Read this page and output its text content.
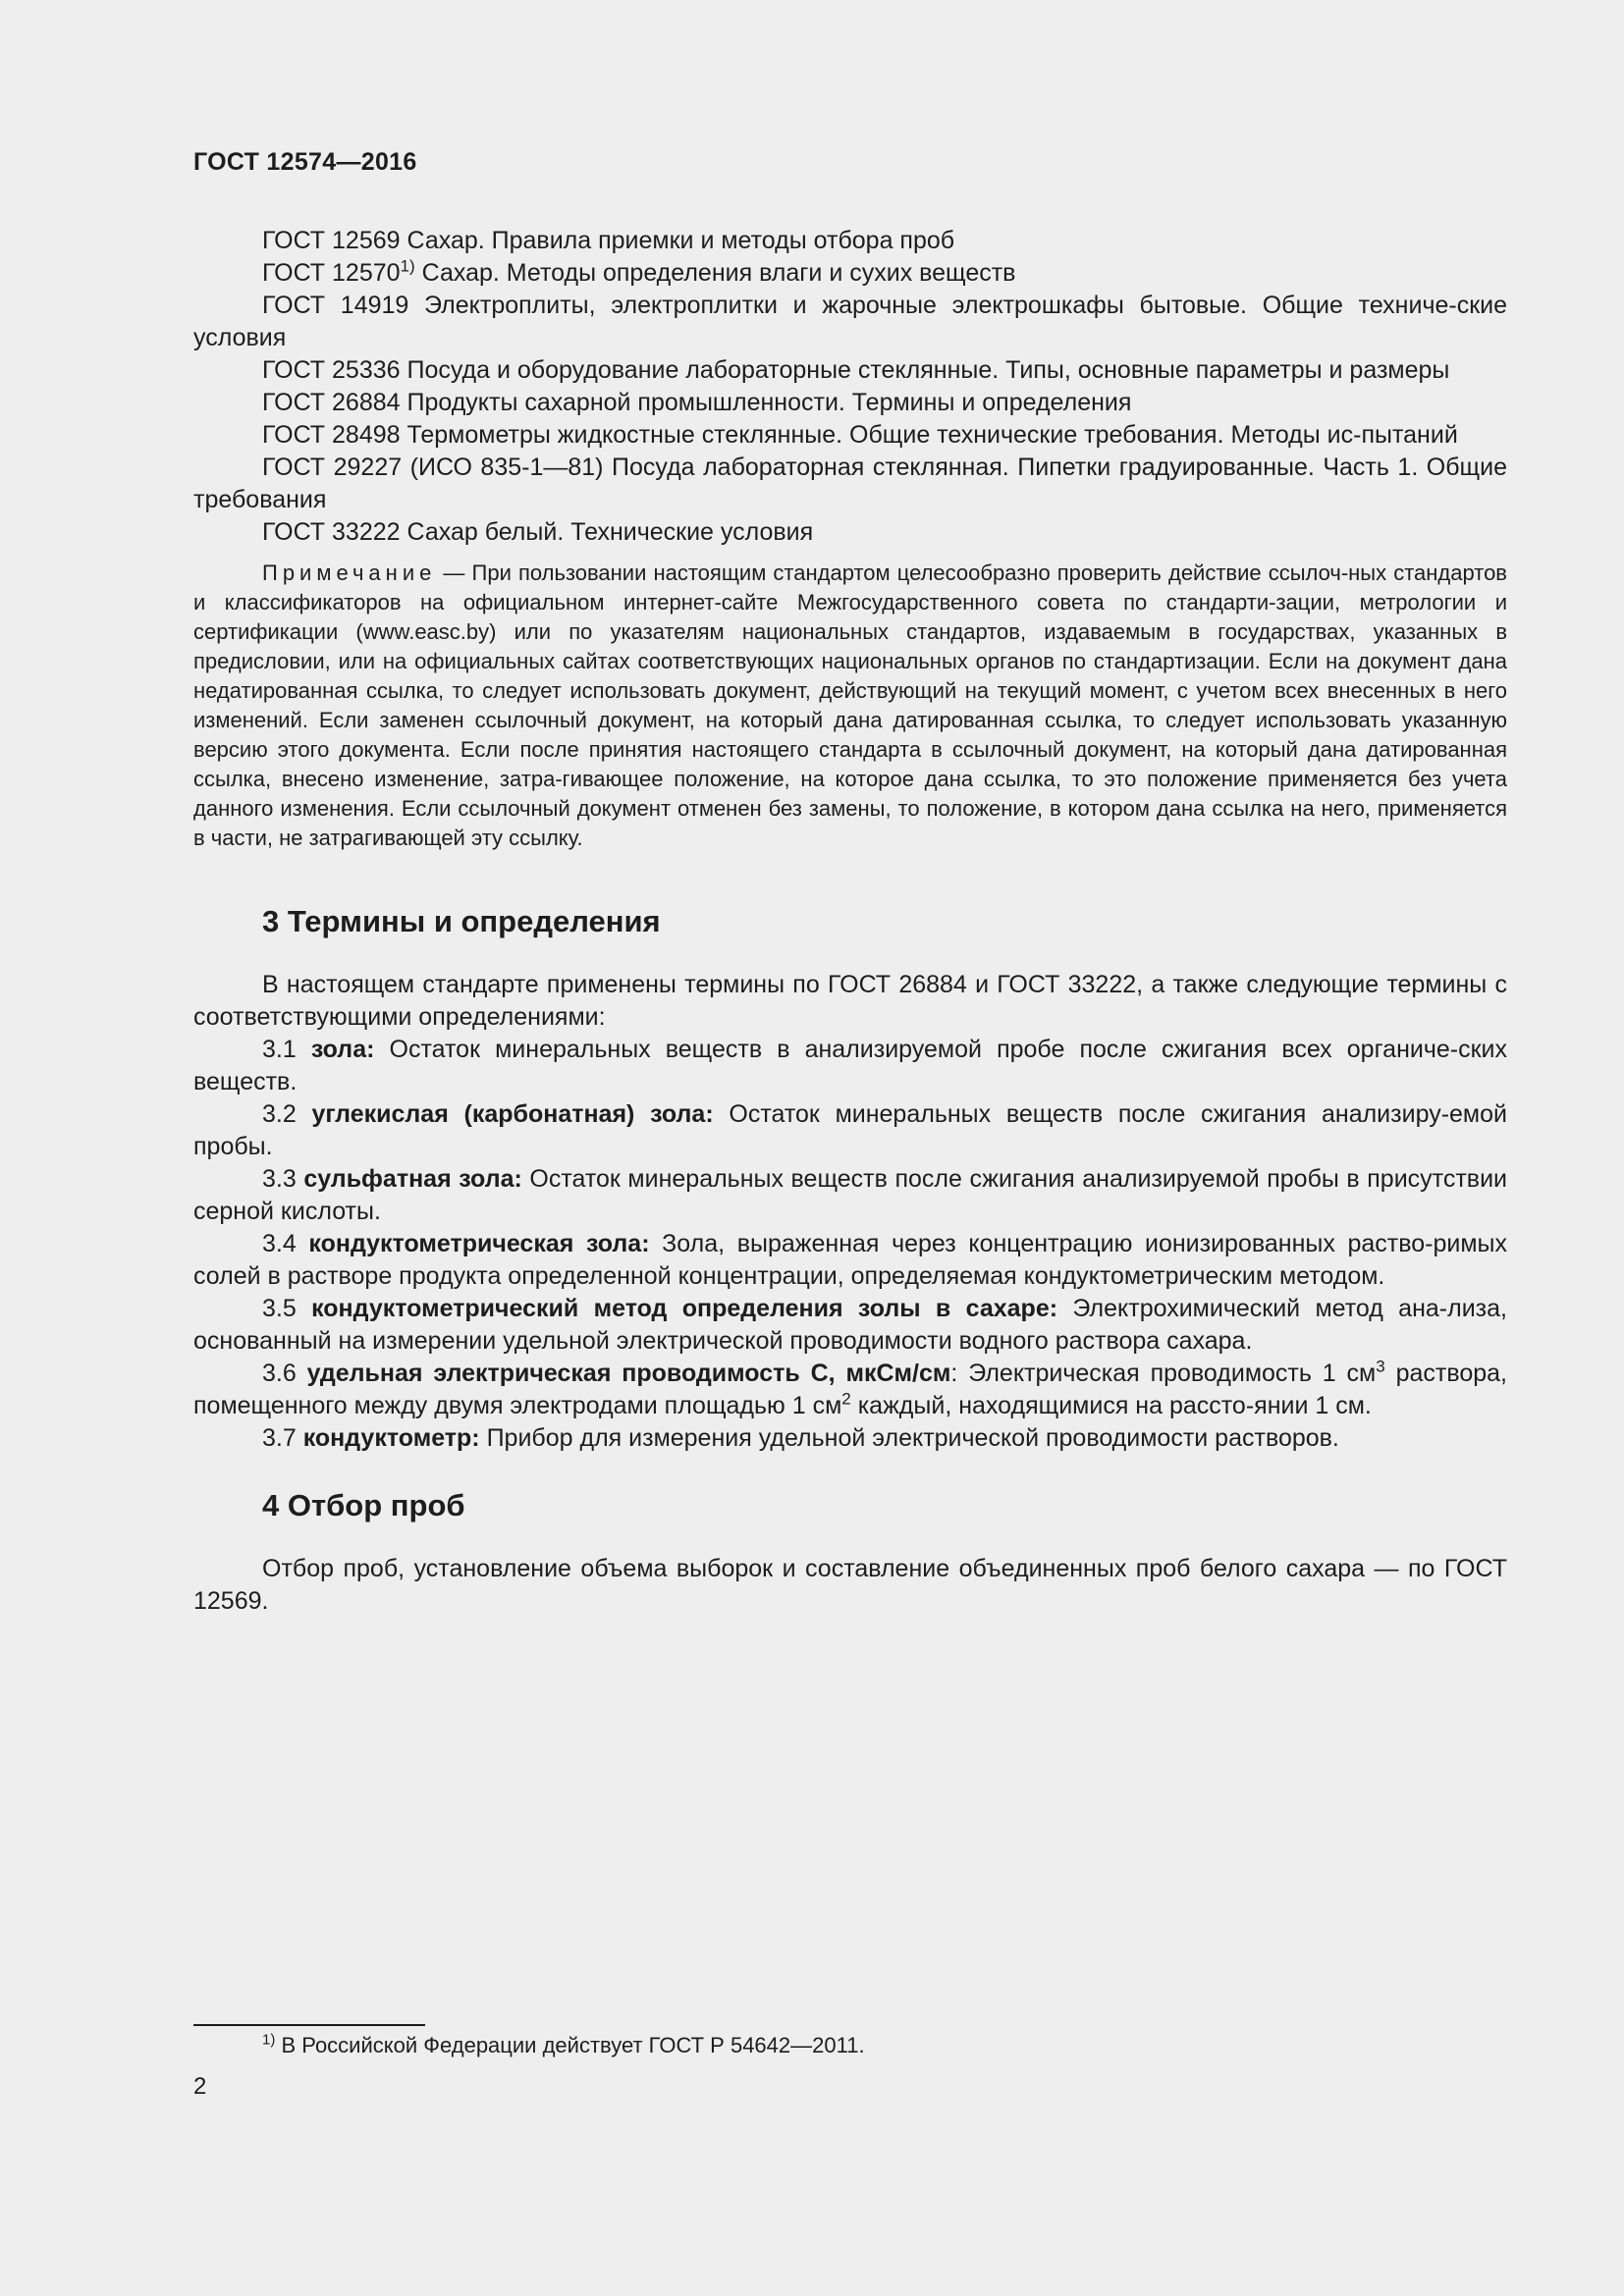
ГОСТ 12574—2016

ГОСТ 12569 Сахар. Правила приемки и методы отбора проб

ГОСТ 12570$^{1)}$ Сахар. Методы определения влаги и сухих веществ

ГОСТ 14919 Электроплиты, электроплитки и жарочные электрошкафы бытовые. Общие техниче-ские условия

ГОСТ 25336 Посуда и оборудование лабораторные стеклянные. Типы, основные параметры и размеры

ГОСТ 26884 Продукты сахарной промышленности. Термины и определения

ГОСТ 28498 Термометры жидкостные стеклянные. Общие технические требования. Методы ис-пытаний

ГОСТ 29227 (ИСО 835-1—81) Посуда лабораторная стеклянная. Пипетки градуированные. Часть 1. Общие требования

ГОСТ 33222 Сахар белый. Технические условия

Примечание — При пользовании настоящим стандартом целесообразно проверить действие ссылоч-ных стандартов и классификаторов на официальном интернет-сайте Межгосударственного совета по стандарти-зации, метрологии и сертификации (www.easc.by) или по указателям национальных стандартов, издаваемым в государствах, указанных в предисловии, или на официальных сайтах соответствующих национальных органов по стандартизации. Если на документ дана недатированная ссылка, то следует использовать документ, действующий на текущий момент, с учетом всех внесенных в него изменений. Если заменен ссылочный документ, на который дана датированная ссылка, то следует использовать указанную версию этого документа. Если после принятия настоящего стандарта в ссылочный документ, на который дана датированная ссылка, внесено изменение, затра-гивающее положение, на которое дана ссылка, то это положение применяется без учета данного изменения. Если ссылочный документ отменен без замены, то положение, в котором дана ссылка на него, применяется в части, не затрагивающей эту ссылку.

3 Термины и определения

В настоящем стандарте применены термины по ГОСТ 26884 и ГОСТ 33222, а также следующие термины с соответствующими определениями:

3.1 зола: Остаток минеральных веществ в анализируемой пробе после сжигания всех органиче-ских веществ.

3.2 углекислая (карбонатная) зола: Остаток минеральных веществ после сжигания анализиру-емой пробы.

3.3 сульфатная зола: Остаток минеральных веществ после сжигания анализируемой пробы в присутствии серной кислоты.

3.4 кондуктометрическая зола: Зола, выраженная через концентрацию ионизированных раство-римых солей в растворе продукта определенной концентрации, определяемая кондуктометрическим методом.

3.5 кондуктометрический метод определения золы в сахаре: Электрохимический метод ана-лиза, основанный на измерении удельной электрической проводимости водного раствора сахара.

3.6 удельная электрическая проводимость С, мкСм/см: Электрическая проводимость 1 $см^3$ раствора, помещенного между двумя электродами площадью 1 $см^2$ каждый, находящимися на рассто-янии 1 см.

3.7 кондуктометр: Прибор для измерения удельной электрической проводимости растворов.

4 Отбор проб

Отбор проб, установление объема выборок и составление объединенных проб белого сахара — по ГОСТ 12569.

$^{1)}$ В Российской Федерации действует ГОСТ Р 54642—2011.
2
